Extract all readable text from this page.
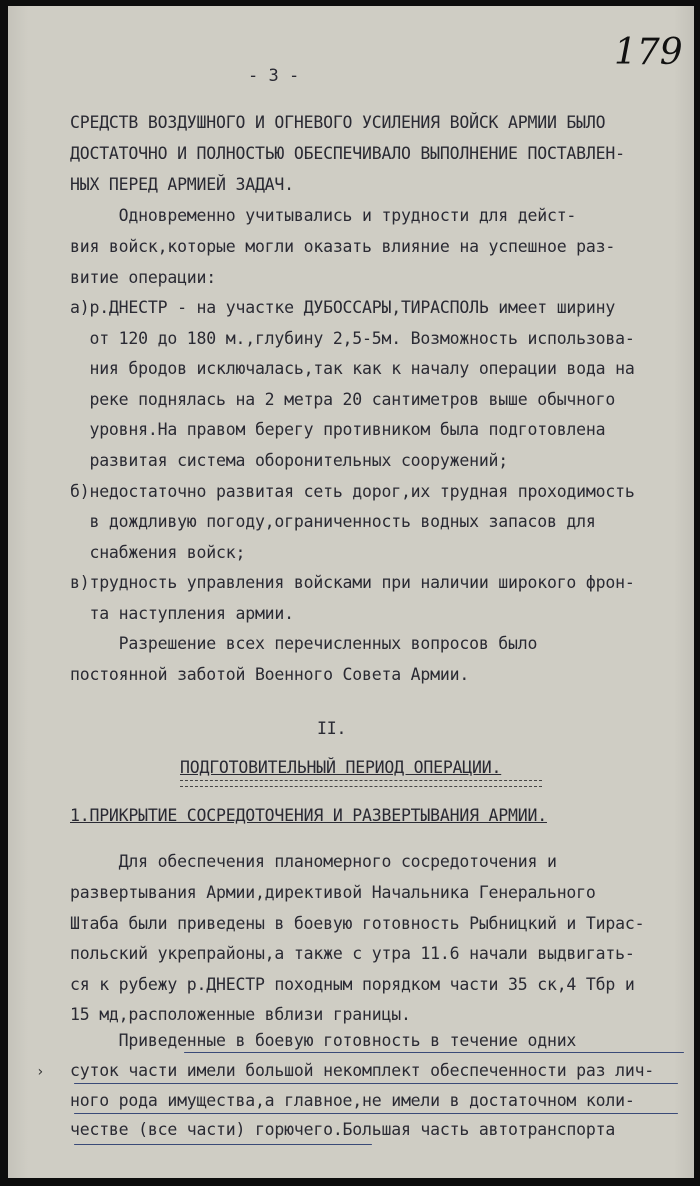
179
- 3 -

СРЕДСТВ ВОЗДУШНОГО И ОГНЕВОГО УСИЛЕНИЯ ВОЙСК АРМИИ БЫЛО

ДОСТАТОЧНО И ПОЛНОСТЬЮ ОБЕСПЕЧИВАЛО ВЫПОЛНЕНИЕ ПОСТАВЛЕН-

НЫХ ПЕРЕД АРМИЕЙ ЗАДАЧ.

Одновременно учитывались и трудности для дейст-

вия войск,которые могли оказать влияние на успешное раз-

витие операции:

а)р.ДНЕСТР - на участке ДУБОССАРЫ,ТИРАСПОЛЬ имеет ширину

от 120 до 180 м.,глубину 2,5-5м. Возможность использова-

ния бродов исключалась,так как к началу операции вода на

реке поднялась на 2 метра 20 сантиметров выше обычного

уровня.На правом берегу противником была подготовлена

развитая система оборонительных сооружений;

б)недостаточно развитая сеть дорог,их трудная проходимость

в дождливую погоду,ограниченность водных запасов для

снабжения войск;

в)трудность управления войсками при наличии широкого фрон-

та наступления армии.

Разрешение всех перечисленных вопросов было

постоянной заботой Военного Совета Армии.

II.

ПОДГОТОВИТЕЛЬНЫЙ ПЕРИОД ОПЕРАЦИИ.

1.ПРИКРЫТИЕ СОСРЕДОТОЧЕНИЯ И РАЗВЕРТЫВАНИЯ АРМИИ.

Для обеспечения планомерного сосредоточения и

развертывания Армии,директивой Начальника Генерального

Штаба были приведены в боевую готовность Рыбницкий и Тирас-

польский укрепрайоны,а также с утра 11.6 начали выдвигать-

ся к рубежу р.ДНЕСТР походным порядком части 35 ск,4 Тбр и

15 мд,расположенные вблизи границы.

Приведенные в боевую готовность в течение одних

суток части имели большой некомплект обеспеченности раз лич-

ного рода имущества,а главное,не имели в достаточном коли-

честве (все части) горючего.Большая часть автотранспорта

›
